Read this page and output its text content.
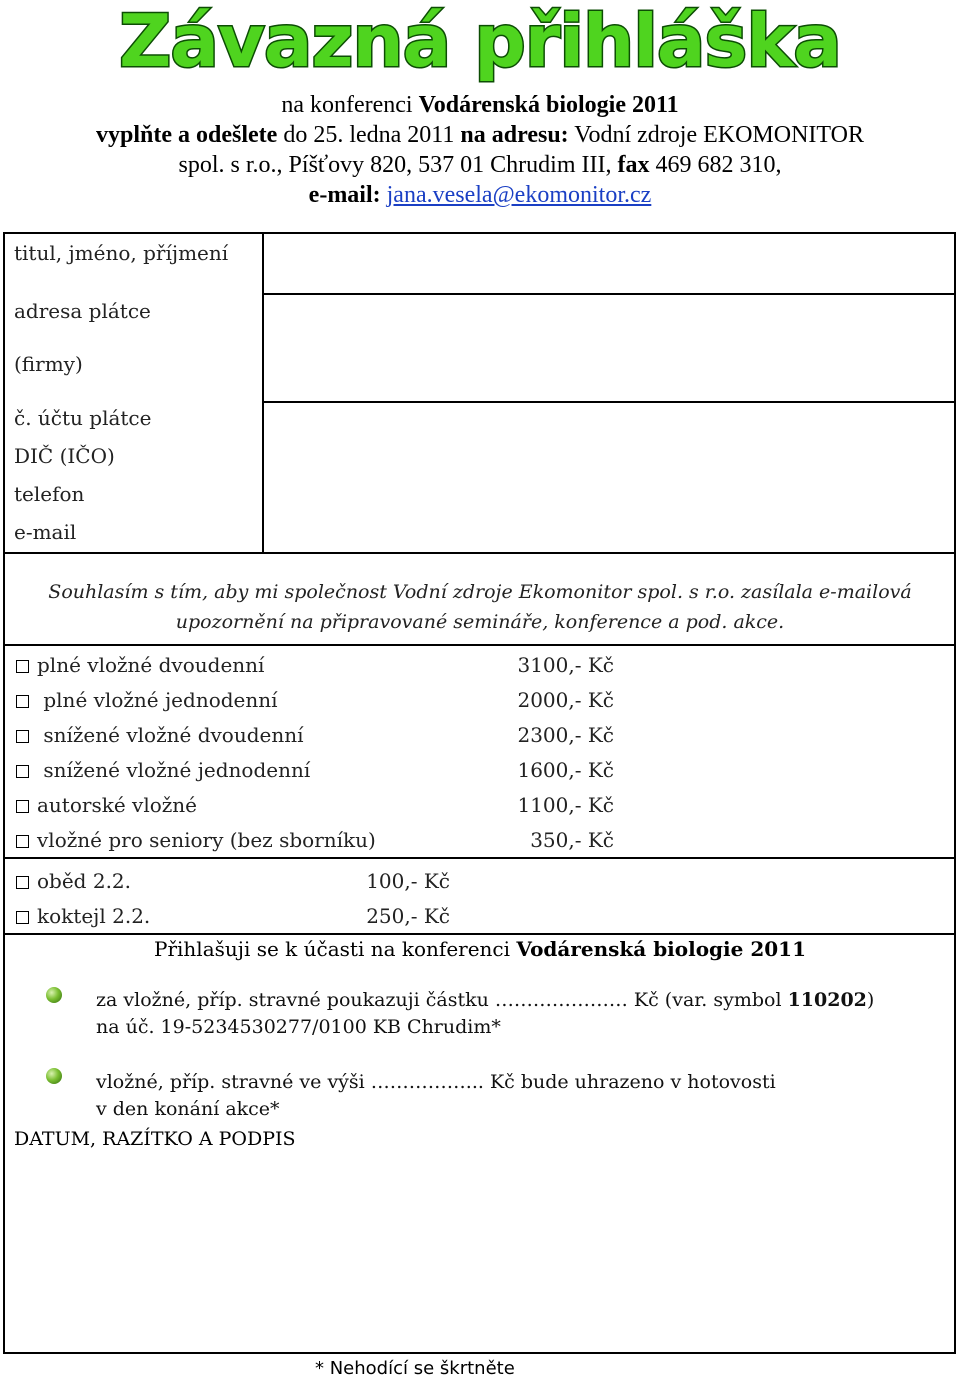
Závazná přihláška
na konferenci Vodárenská biologie 2011
vyplňte a odešlete do 25. ledna 2011 na adresu: Vodní zdroje EKOMONITOR
spol. s r.o., Píšťovy 820, 537 01 Chrudim III, fax 469 682 310,
e-mail: jana.vesela@ekomonitor.cz
titul, jméno, příjmení
adresa plátce
(firmy)
č. účtu plátce
DIČ (IČO)
telefon
e-mail
Souhlasím s tím, aby mi společnost Vodní zdroje Ekomonitor spol. s r.o. zasílala e-mailová
upozornění na připravované semináře, konference a pod. akce.
plné vložné dvoudenní	3100,- Kč
plné vložné jednodenní	2000,- Kč
snížené vložné dvoudenní	2300,- Kč
snížené vložné jednodenní	1600,- Kč
autorské vložné	1100,- Kč
vložné pro seniory (bez sborníku)	350,- Kč
oběd 2.2.	100,- Kč
koktejl 2.2.	250,- Kč
Přihlašuji se k účasti na konferenci Vodárenská biologie 2011
za vložné, příp. stravné poukazuji částku ………………… Kč (var. symbol 110202)
na úč. 19-5234530277/0100 KB Chrudim*
vložné, příp. stravné ve výši ……………... Kč bude uhrazeno v hotovosti
v den konání akce*
DATUM, RAZÍTKO A PODPIS
* Nehodící se škrtněte
